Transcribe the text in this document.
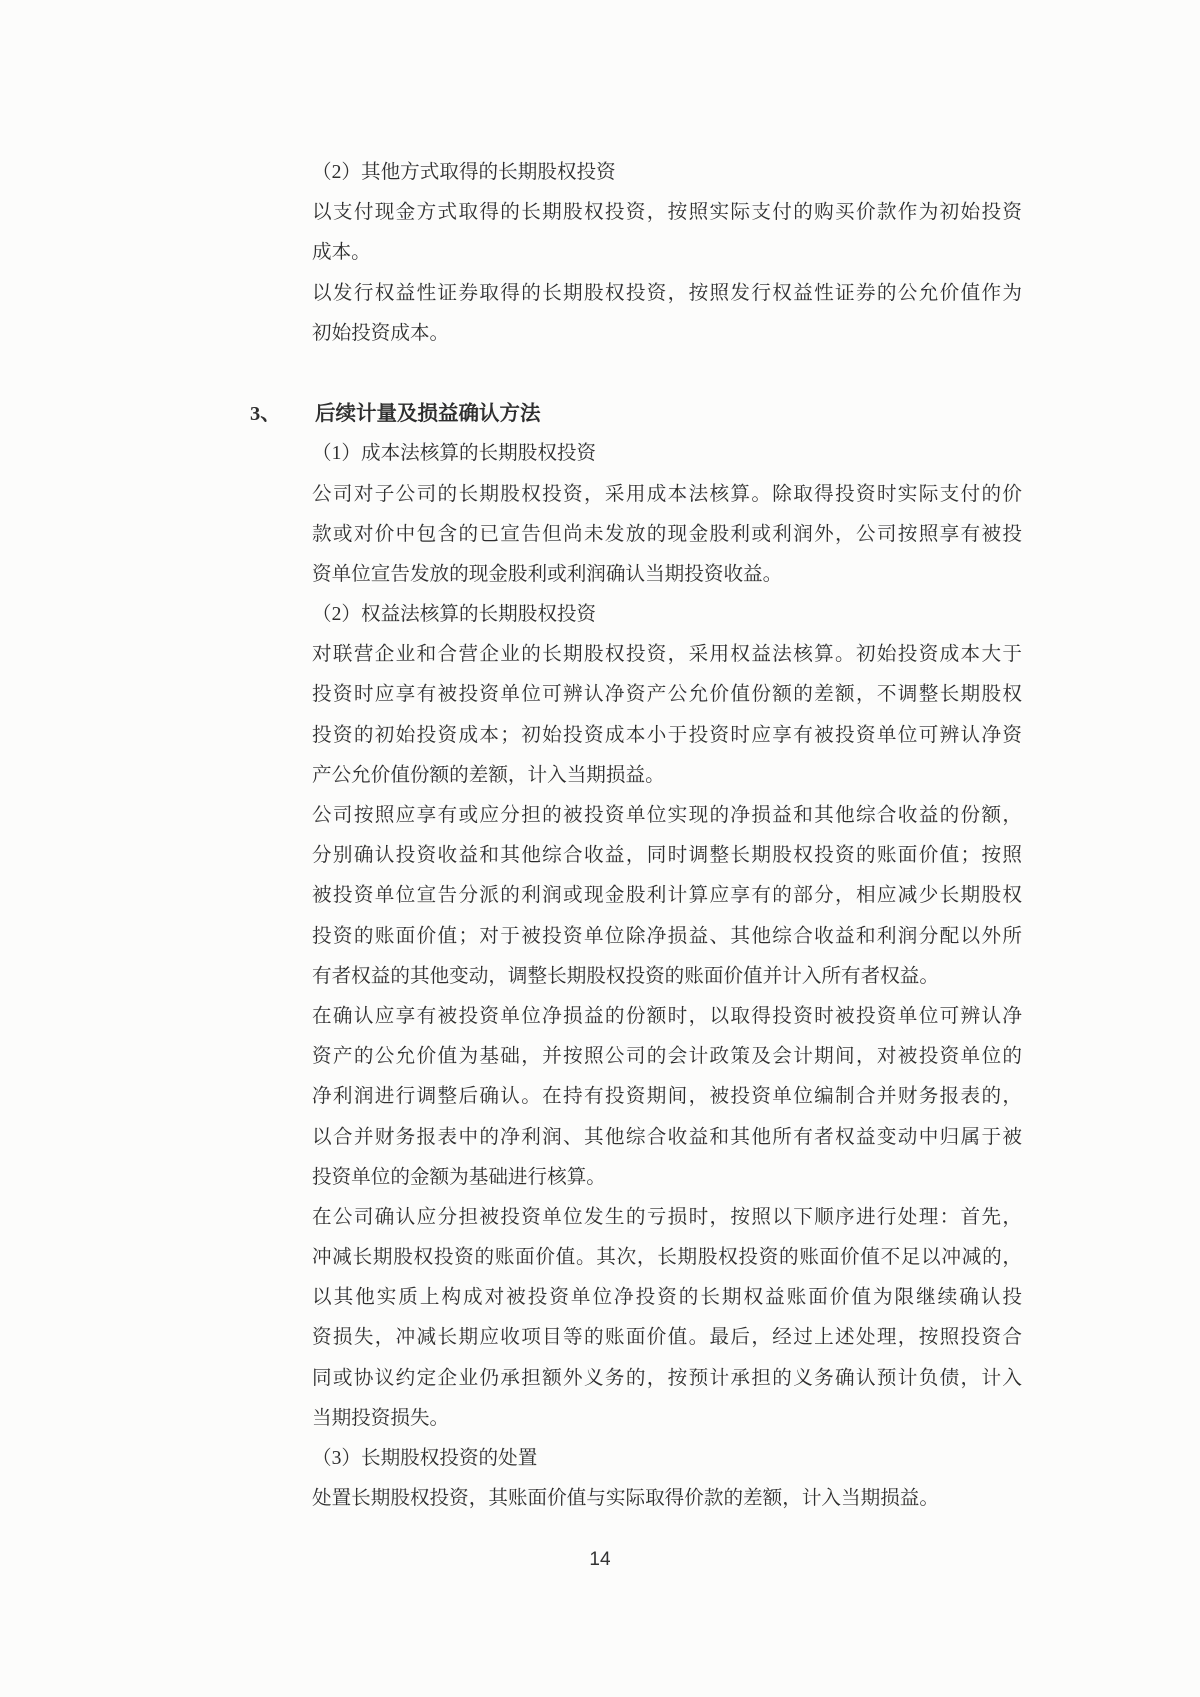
（2）其他方式取得的长期股权投资
以支付现金方式取得的长期股权投资，按照实际支付的购买价款作为初始投资
成本。
以发行权益性证券取得的长期股权投资，按照发行权益性证券的公允价值作为
初始投资成本。
3、 后续计量及损益确认方法
（1）成本法核算的长期股权投资
公司对子公司的长期股权投资，采用成本法核算。除取得投资时实际支付的价
款或对价中包含的已宣告但尚未发放的现金股利或利润外，公司按照享有被投
资单位宣告发放的现金股利或利润确认当期投资收益。
（2）权益法核算的长期股权投资
对联营企业和合营企业的长期股权投资，采用权益法核算。初始投资成本大于
投资时应享有被投资单位可辨认净资产公允价值份额的差额，不调整长期股权
投资的初始投资成本；初始投资成本小于投资时应享有被投资单位可辨认净资
产公允价值份额的差额，计入当期损益。
公司按照应享有或应分担的被投资单位实现的净损益和其他综合收益的份额，
分别确认投资收益和其他综合收益，同时调整长期股权投资的账面价值；按照
被投资单位宣告分派的利润或现金股利计算应享有的部分，相应减少长期股权
投资的账面价值；对于被投资单位除净损益、其他综合收益和利润分配以外所
有者权益的其他变动，调整长期股权投资的账面价值并计入所有者权益。
在确认应享有被投资单位净损益的份额时，以取得投资时被投资单位可辨认净
资产的公允价值为基础，并按照公司的会计政策及会计期间，对被投资单位的
净利润进行调整后确认。在持有投资期间，被投资单位编制合并财务报表的，
以合并财务报表中的净利润、其他综合收益和其他所有者权益变动中归属于被
投资单位的金额为基础进行核算。
在公司确认应分担被投资单位发生的亏损时，按照以下顺序进行处理：首先，
冲减长期股权投资的账面价值。其次，长期股权投资的账面价值不足以冲减的，
以其他实质上构成对被投资单位净投资的长期权益账面价值为限继续确认投
资损失，冲减长期应收项目等的账面价值。最后，经过上述处理，按照投资合
同或协议约定企业仍承担额外义务的，按预计承担的义务确认预计负债，计入
当期投资损失。
（3）长期股权投资的处置
处置长期股权投资，其账面价值与实际取得价款的差额，计入当期损益。
14
